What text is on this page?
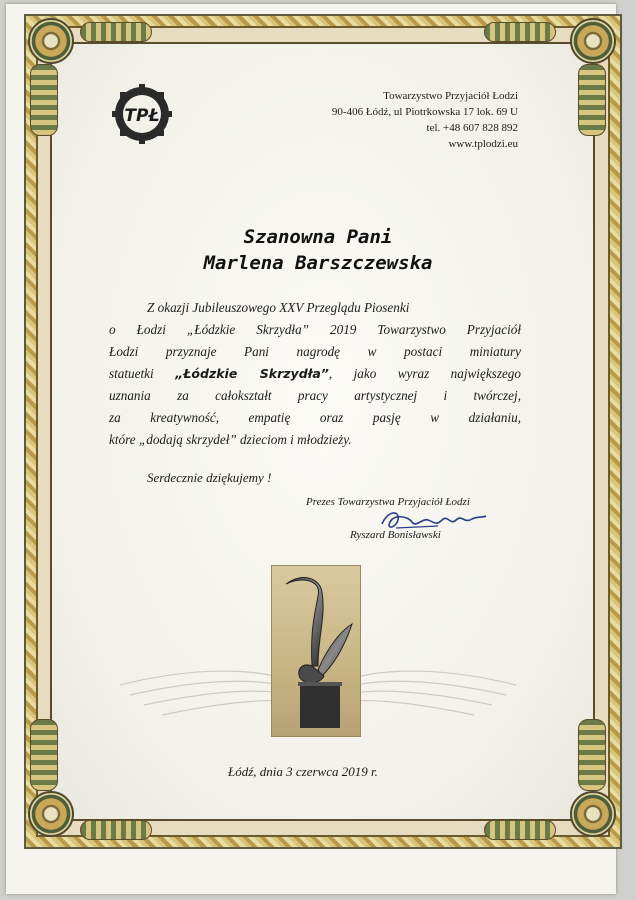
TPŁ
Towarzystwo Przyjaciół Łodzi
90-406 Łódź, ul Piotrkowska 17 lok. 69 U
tel. +48 607 828 892
www.tplodzi.eu
Szanowna Pani
Marlena Barszczewska
Z okazji Jubileuszowego XXV Przeglądu Piosenki
o Łodzi „Łódzkie Skrzydła” 2019 Towarzystwo Przyjaciół
Łodzi przyznaje Pani nagrodę w postaci miniatury
statuetki „Łódzkie Skrzydła”, jako wyraz największego
uznania za całokształt pracy artystycznej i twórczej,
za kreatywność, empatię oraz pasję w działaniu,
które „dodają skrzydeł” dzieciom i młodzieży.
Serdecznie dziękujemy !
Prezes Towarzystwa Przyjaciół Łodzi
Ryszard Bonisławski
Łódź, dnia 3 czerwca 2019 r.
